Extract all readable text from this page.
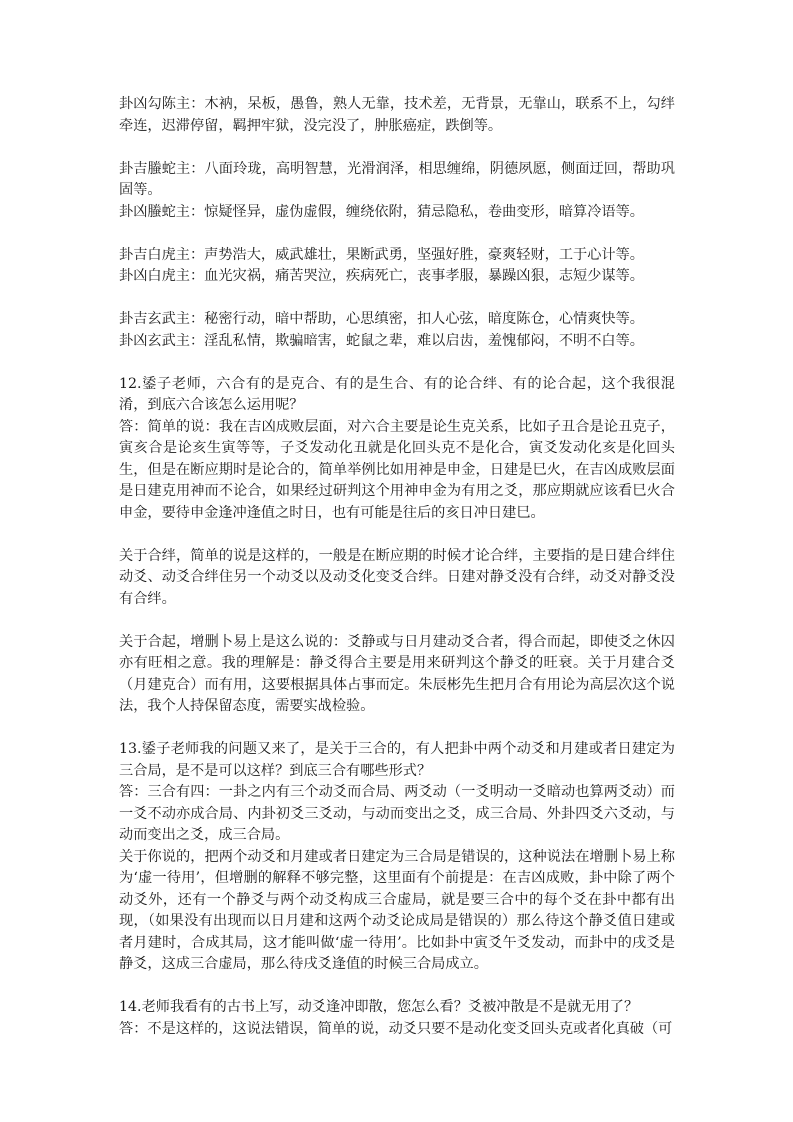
卦凶勾陈主：木衲，呆板，愚鲁，熟人无靠，技术差，无背景，无靠山，联系不上，勾绊牵连，迟滞停留，羁押牢狱，没完没了，肿胀癌症，跌倒等。

卦吉螣蛇主：八面玲珑，高明智慧，光滑润泽，相思缠绵，阴德夙愿，侧面迂回，帮助巩固等。

卦凶螣蛇主：惊疑怪异，虚伪虚假，缠绕依附，猜忌隐私，卷曲变形，暗算冷语等。

卦吉白虎主：声势浩大，威武雄壮，果断武勇，坚强好胜，豪爽轻财，工于心计等。

卦凶白虎主：血光灾祸，痛苦哭泣，疾病死亡，丧事孝服，暴躁凶狠，志短少谋等。

卦吉玄武主：秘密行动，暗中帮助，心思缜密，扣人心弦，暗度陈仓，心情爽快等。

卦凶玄武主：淫乱私情，欺骗暗害，蛇鼠之辈，难以启齿，羞愧郁闷，不明不白等。

12.鋈子老师，六合有的是克合、有的是生合、有的论合绊、有的论合起，这个我很混淆，到底六合该怎么运用呢？

答：简单的说：我在吉凶成败层面，对六合主要是论生克关系，比如子丑合是论丑克子，寅亥合是论亥生寅等等，子爻发动化丑就是化回头克不是化合，寅爻发动化亥是化回头生，但是在断应期时是论合的，简单举例比如用神是申金，日建是巳火，在吉凶成败层面是日建克用神而不论合，如果经过研判这个用神申金为有用之爻，那应期就应该看巳火合申金，要待申金逢冲逢值之时日，也有可能是往后的亥日冲日建巳。

关于合绊，简单的说是这样的，一般是在断应期的时候才论合绊，主要指的是日建合绊住动爻、动爻合绊住另一个动爻以及动爻化变爻合绊。日建对静爻没有合绊，动爻对静爻没有合绊。

关于合起，增删卜易上是这么说的：爻静或与日月建动爻合者，得合而起，即使爻之休囚亦有旺相之意。我的理解是：静爻得合主要是用来研判这个静爻的旺衰。关于月建合爻（月建克合）而有用，这要根据具体占事而定。朱辰彬先生把月合有用论为高层次这个说法，我个人持保留态度，需要实战检验。

13.鋈子老师我的问题又来了，是关于三合的，有人把卦中两个动爻和月建或者日建定为三合局，是不是可以这样？到底三合有哪些形式？

答：三合有四：一卦之内有三个动爻而合局、两爻动（一爻明动一爻暗动也算两爻动）而一爻不动亦成合局、内卦初爻三爻动，与动而变出之爻，成三合局、外卦四爻六爻动，与动而变出之爻，成三合局。

关于你说的，把两个动爻和月建或者日建定为三合局是错误的，这种说法在增删卜易上称为‘虚一待用’，但增删的解释不够完整，这里面有个前提是：在吉凶成败，卦中除了两个动爻外，还有一个静爻与两个动爻构成三合虚局，就是要三合中的每个爻在卦中都有出现，（如果没有出现而以日月建和这两个动爻论成局是错误的）那么待这个静爻值日建或者月建时，合成其局，这才能叫做‘虚一待用’。比如卦中寅爻午爻发动，而卦中的戌爻是静爻，这成三合虚局，那么待戌爻逢值的时候三合局成立。

14.老师我看有的古书上写，动爻逢冲即散，您怎么看？爻被冲散是不是就无用了？

答：不是这样的，这说法错误，简单的说，动爻只要不是动化变爻回头克或者化真破（可
